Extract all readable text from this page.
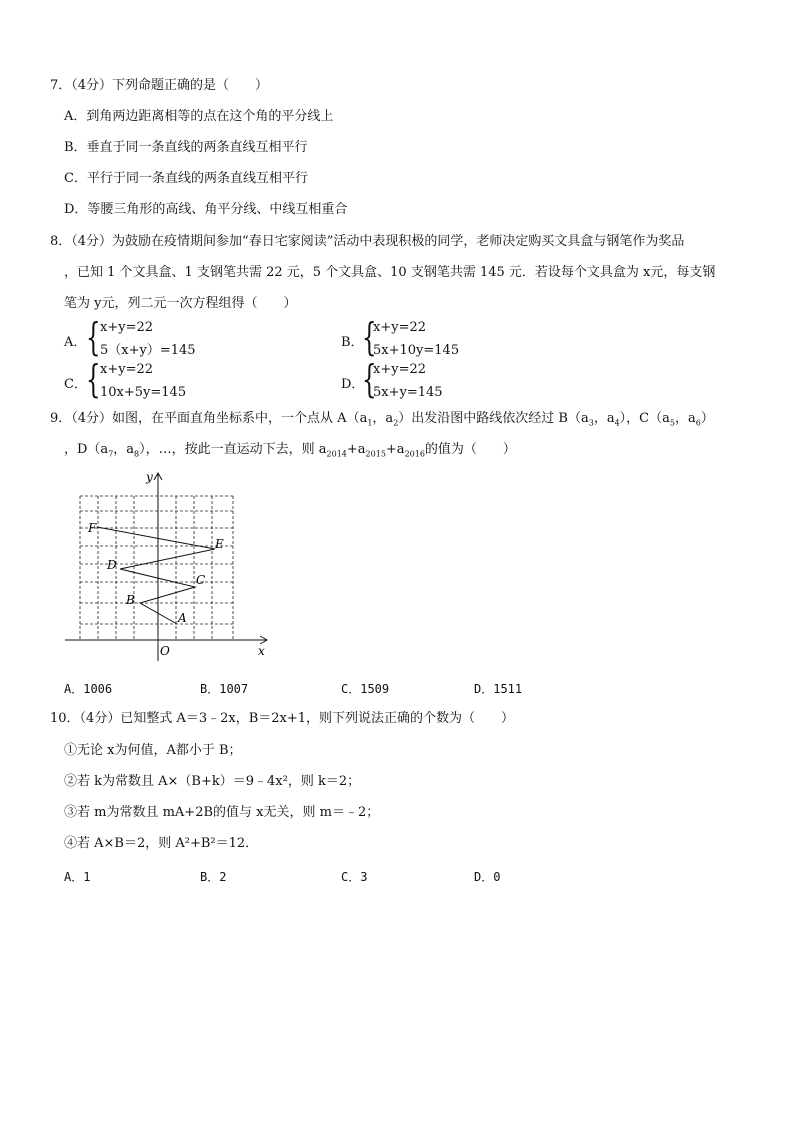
7．（4分）下列命题正确的是（　　）
A．到角两边距离相等的点在这个角的平分线上
B．垂直于同一条直线的两条直线互相平行
C．平行于同一条直线的两条直线互相平行
D．等腰三角形的高线、角平分线、中线互相重合
8．（4分）为鼓励在疫情期间参加“春日宅家阅读”活动中表现积极的同学，老师决定购买文具盒与钢笔作为奖品
，已知 1 个文具盒、1 支钢笔共需 22 元，5 个文具盒、10 支钢笔共需 145 元．若设每个文具盒为 x元，每支钢
笔为 y元，列二元一次方程组得（　　）
A． { x+y=22
5（x+y）=145
B．
{
x+y=22
5x+10y=145
C． { x+y=22
10x+5y=145
D．
{
x+y=22
5x+y=145
9．（4分）如图，在平面直角坐标系中，一个点从 $A(a_1$，$a_2$）出发沿图中路线依次经过 $B(a_3$，$a_4$），$C(a_5$，$a_6$）
，$D(a_7$，$a_8$），…，按此一直运动下去，则 $a_{2014}+a_{2015}+a_{2016}$的值为（　　）
x
y
O
A
B
C
D
E
F
A．1006	B．1007	C．1509	D．1511
10．（4分）已知整式 A＝3﹣2x，B＝2x+1，则下列说法正确的个数为（　　）
①无论 x为何值，A都小于 B；
②若 k为常数且 A×（B+k）＝9﹣4x²，则 k＝2；
③若 m为常数且 mA+2B的值与 x无关，则 m＝﹣2；
④若 A×B＝2，则 A²+B²＝12．
A．1	B．2	C．3	D．0
